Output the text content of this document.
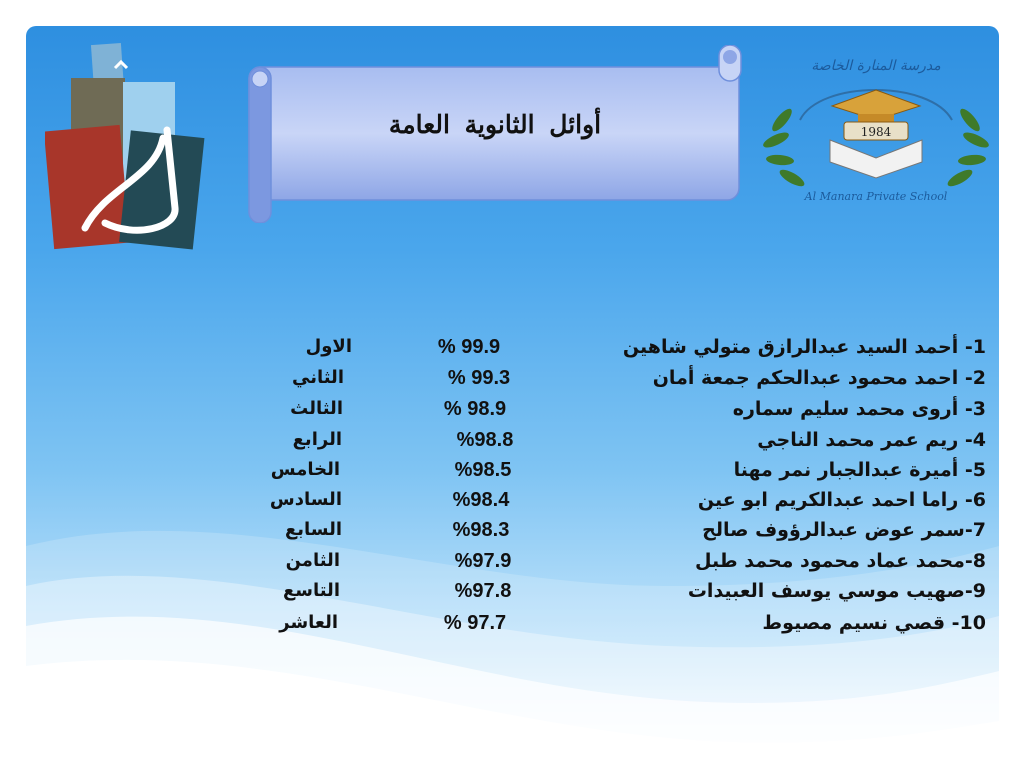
أوائل الثانوية العامة	1984
مدرسة المنارة الخاصة
Al Manara Private School
1- أحمد السيد عبدالرازق متولي شاهين
% 99.9
الاول
2- احمد محمود عبدالحكم جمعة أمان
% 99.3
الثاني
3- أروى محمد سليم سماره
% 98.9
الثالث
4- ريم عمر محمد الناجي
%98.8
الرابع
5- أميرة عبدالجبار نمر مهنا
%98.5
الخامس
6- راما احمد عبدالكريم ابو عين
%98.4
السادس
7-سمر عوض عبدالرؤوف صالح
%98.3
السابع
8-محمد عماد محمود محمد طبل
%97.9
الثامن
9-صهيب موسي يوسف العبيدات
%97.8
التاسع
10- قصي نسيم مصيوط
% 97.7
العاشر
